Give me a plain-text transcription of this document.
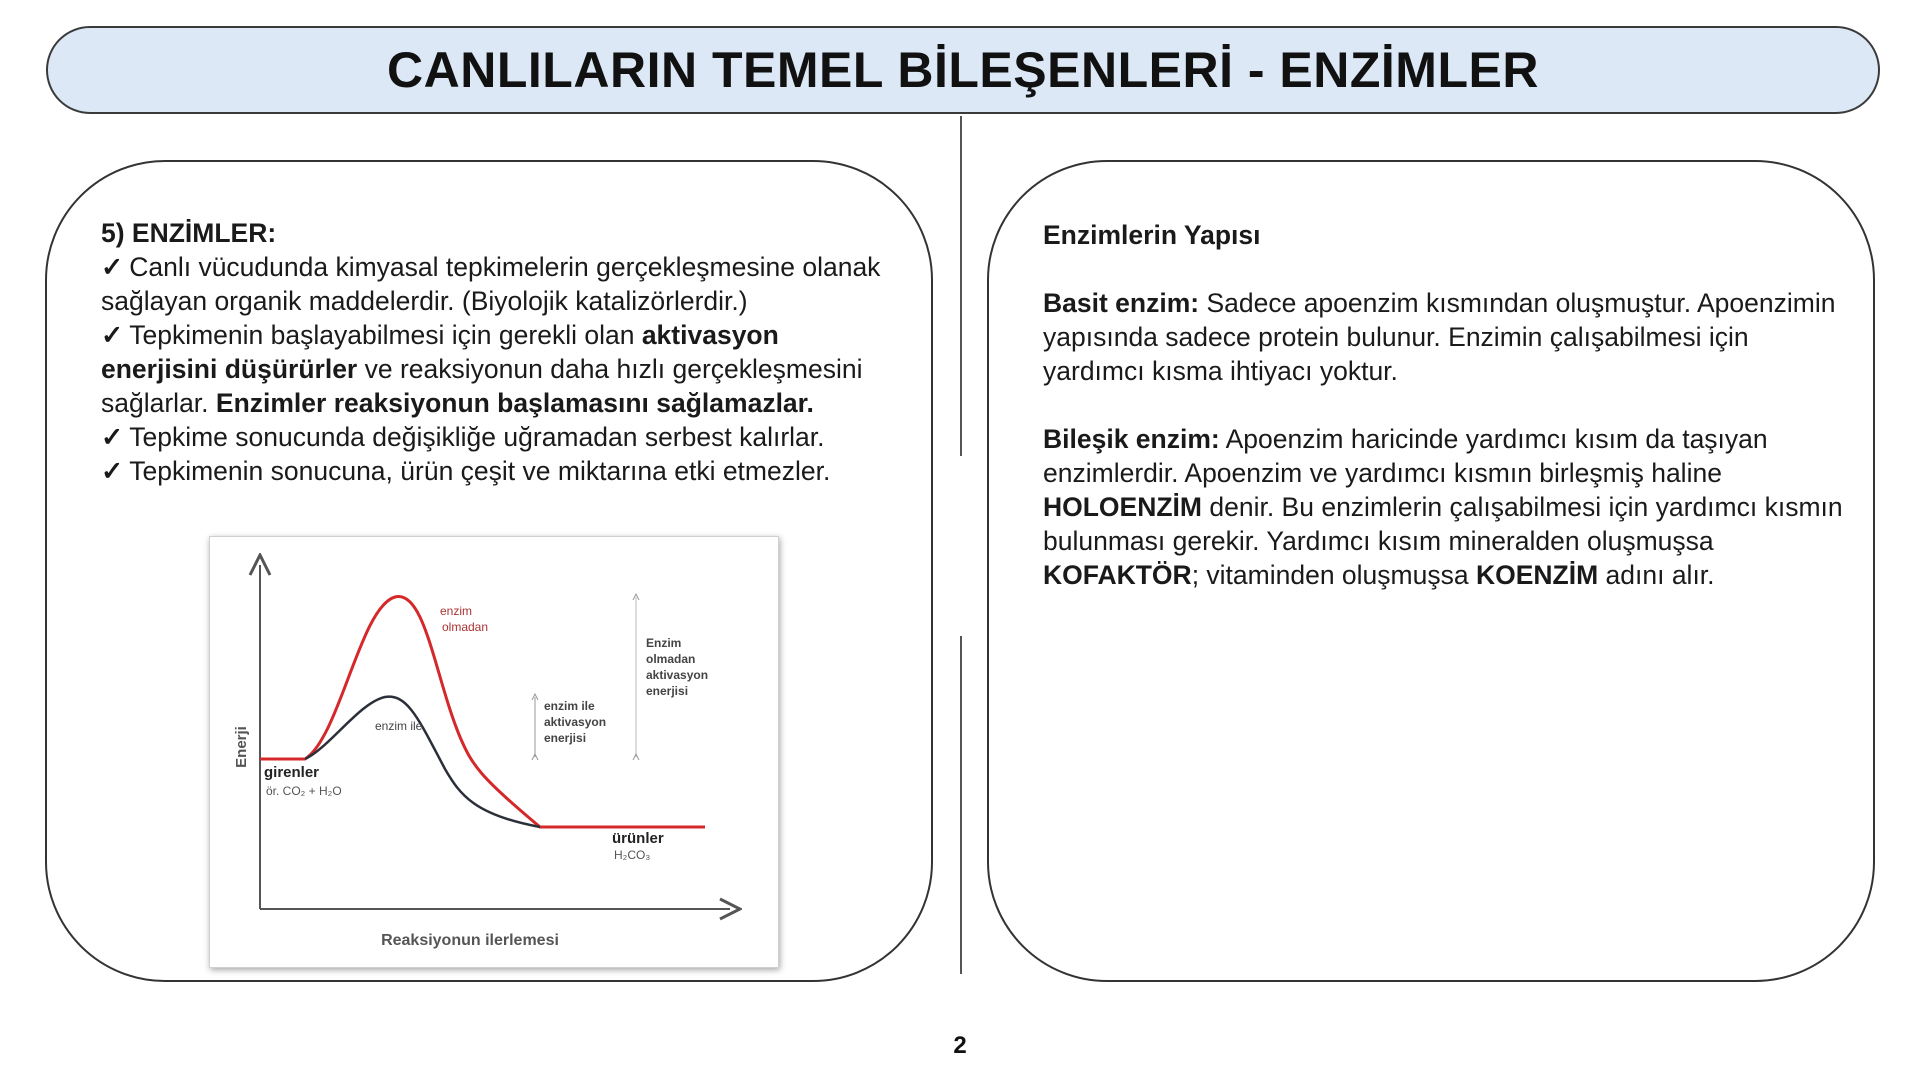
CANLILARIN TEMEL BİLEŞENLERİ - ENZİMLER

5) ENZİMLER:

✓ Canlı vücudunda kimyasal tepkimelerin gerçekleşmesine olanak sağlayan organik maddelerdir. (Biyolojik katalizörlerdir.)

✓ Tepkimenin başlayabilmesi için gerekli olan aktivasyon enerjisini düşürürler ve reaksiyonun daha hızlı gerçekleşmesini sağlarlar. Enzimler reaksiyonun başlamasını sağlamazlar.

✓ Tepkime sonucunda değişikliğe uğramadan serbest kalırlar.

✓ Tepkimenin sonucuna, ürün çeşit ve miktarına etki etmezler.

Enerji
Reaksiyonun ilerlemesi
enzim
olmadan
enzim ile
girenler
ör. CO₂ + H₂O
ürünler
H₂CO₃
enzim ile
aktivasyon
enerjisi
Enzim
olmadan
aktivasyon
enerjisi

Enzimlerin Yapısı

Basit enzim: Sadece apoenzim kısmından oluşmuştur. Apoenzimin yapısında sadece protein bulunur. Enzimin çalışabilmesi için yardımcı kısma ihtiyacı yoktur.

Bileşik enzim: Apoenzim haricinde yardımcı kısım da taşıyan enzimlerdir. Apoenzim ve yardımcı kısmın birleşmiş haline HOLOENZİM denir. Bu enzimlerin çalışabilmesi için yardımcı kısmın bulunması gerekir. Yardımcı kısım mineralden oluşmuşsa KOFAKTÖR; vitaminden oluşmuşsa KOENZİM adını alır.

2
